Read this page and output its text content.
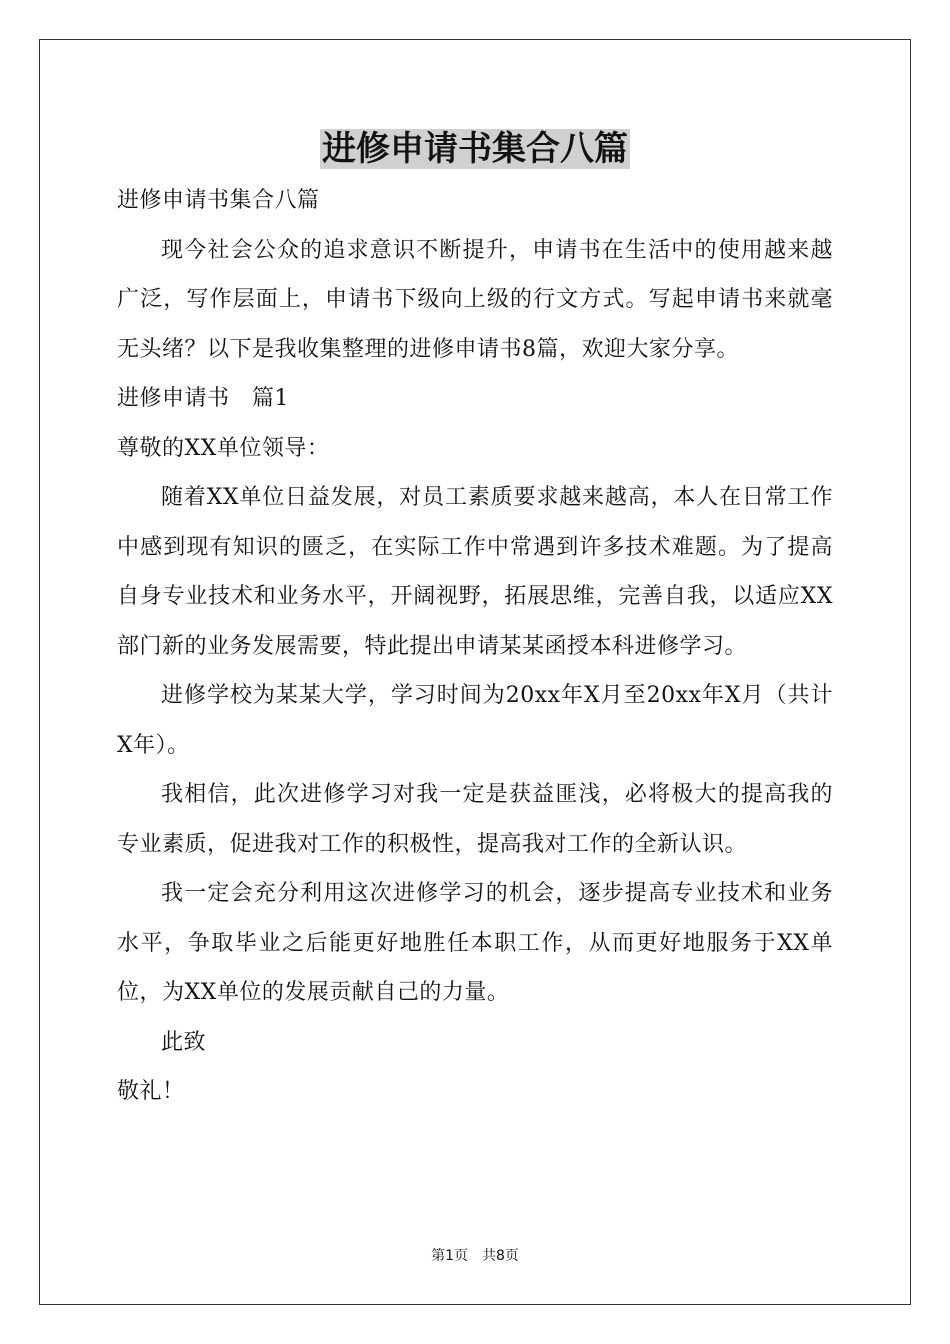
进修申请书集合八篇

进修申请书集合八篇

现今社会公众的追求意识不断提升，申请书在生活中的使用越来越广泛，写作层面上，申请书下级向上级的行文方式。写起申请书来就毫无头绪？以下是我收集整理的进修申请书8篇，欢迎大家分享。

进修申请书　篇1

尊敬的XX单位领导：

随着XX单位日益发展，对员工素质要求越来越高，本人在日常工作中感到现有知识的匮乏，在实际工作中常遇到许多技术难题。为了提高自身专业技术和业务水平，开阔视野，拓展思维，完善自我，以适应XX部门新的业务发展需要，特此提出申请某某函授本科进修学习。

进修学校为某某大学，学习时间为20xx年X月至20xx年X月（共计X年）。

我相信，此次进修学习对我一定是获益匪浅，必将极大的提高我的专业素质，促进我对工作的积极性，提高我对工作的全新认识。

我一定会充分利用这次进修学习的机会，逐步提高专业技术和业务水平，争取毕业之后能更好地胜任本职工作，从而更好地服务于XX单位，为XX单位的发展贡献自己的力量。

此致

敬礼！

第1页　共8页
